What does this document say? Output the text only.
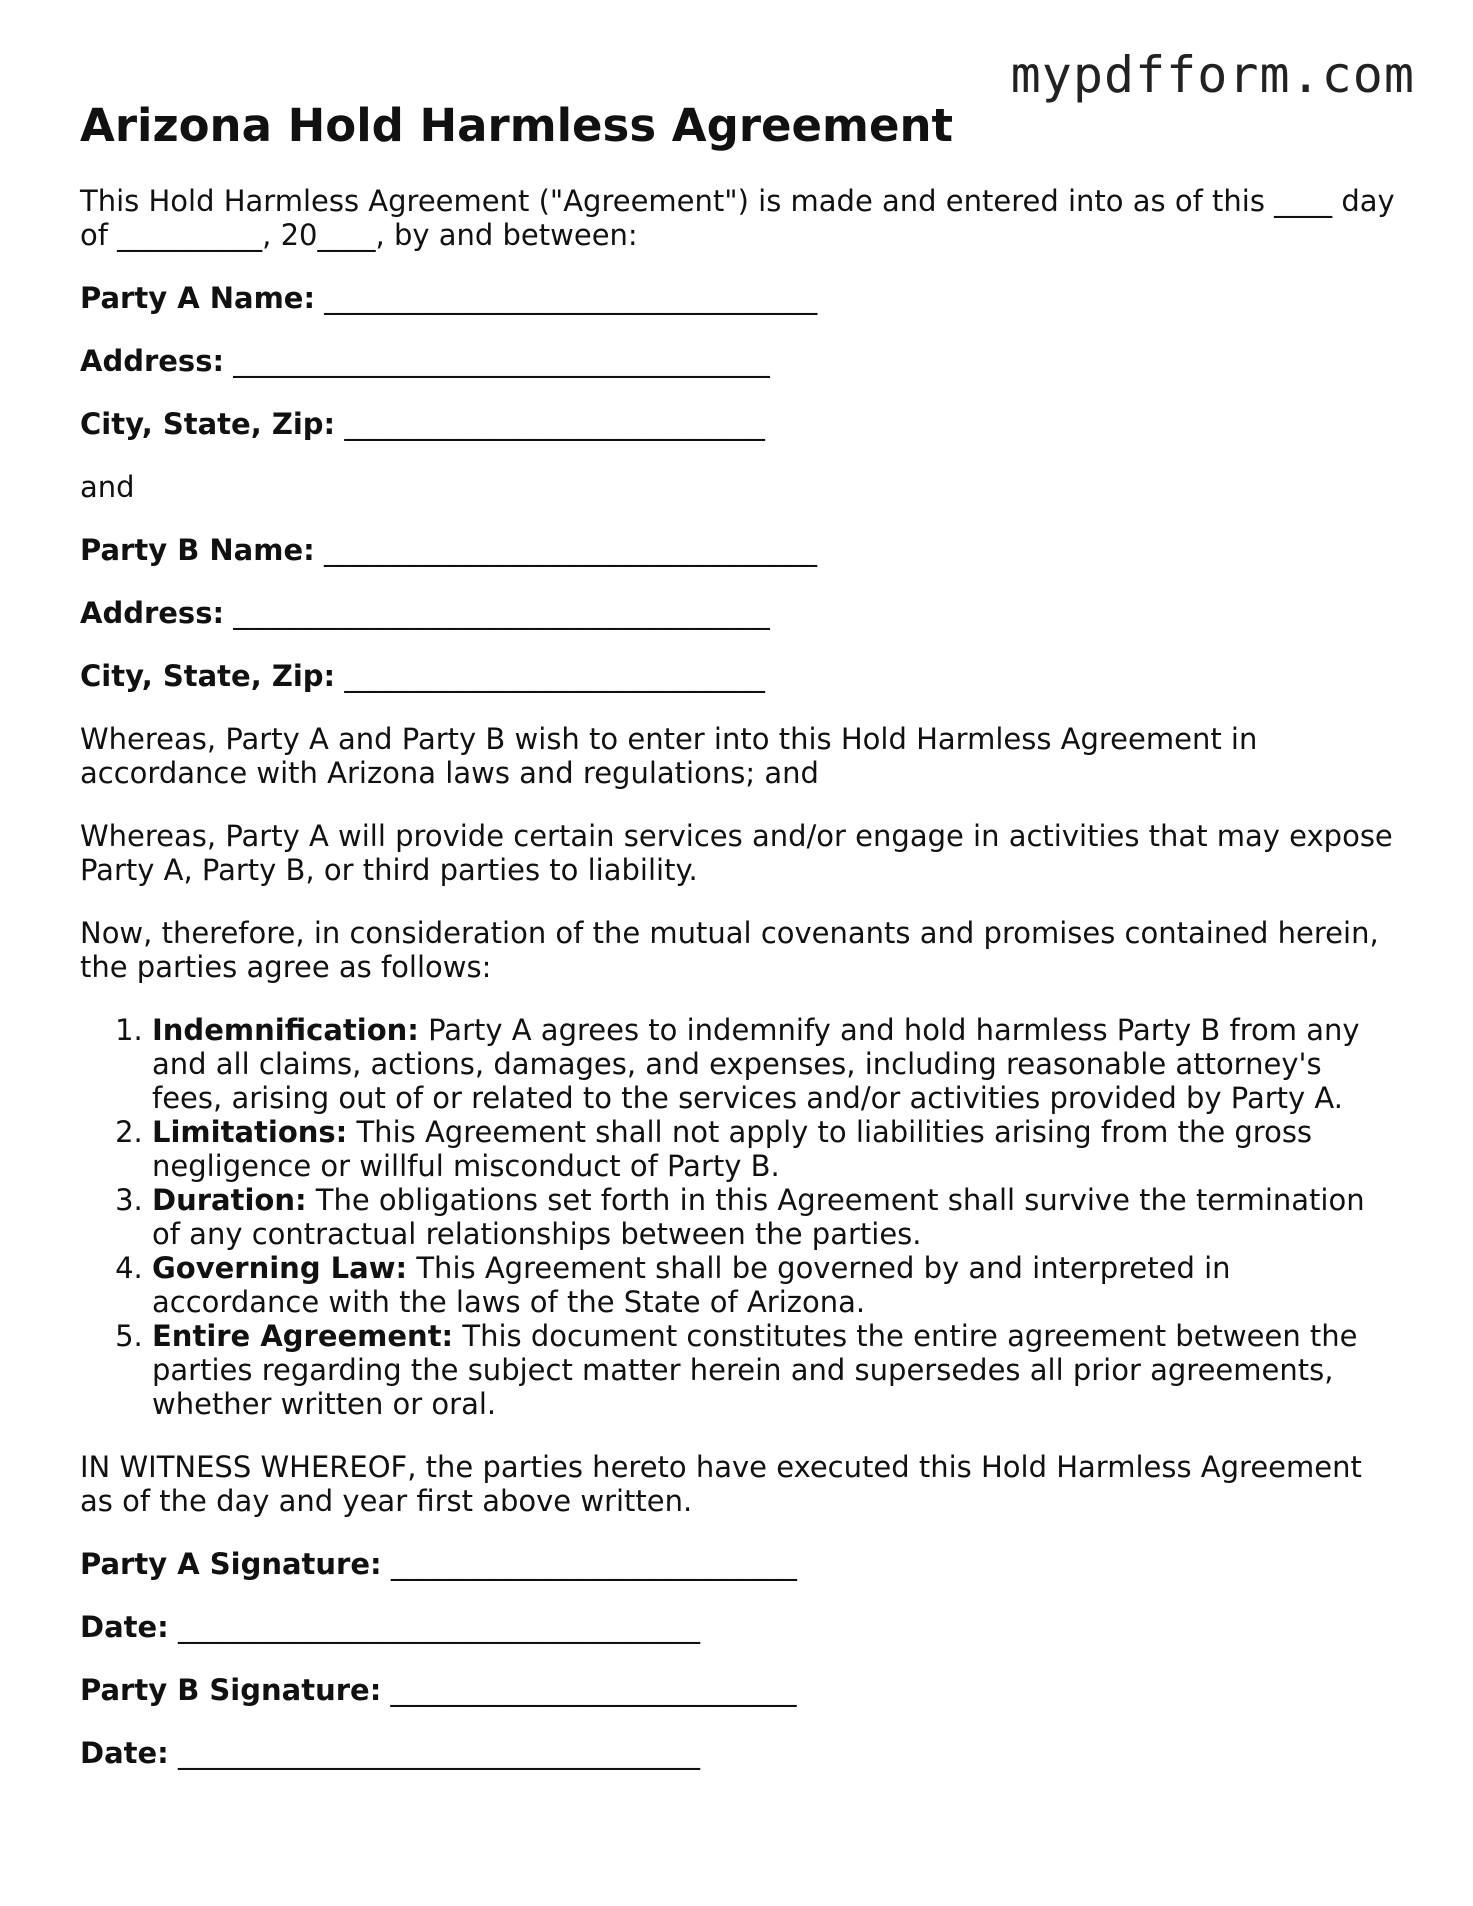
mypdfform.com
Arizona Hold Harmless Agreement

This Hold Harmless Agreement ("Agreement") is made and entered into as of this ____ day of __________, 20____, by and between:

Party A Name: __________________________________
Address: _____________________________________
City, State, Zip: _____________________________

and

Party B Name: __________________________________
Address: _____________________________________
City, State, Zip: _____________________________

Whereas, Party A and Party B wish to enter into this Hold Harmless Agreement in accordance with Arizona laws and regulations; and

Whereas, Party A will provide certain services and/or engage in activities that may expose Party A, Party B, or third parties to liability.

Now, therefore, in consideration of the mutual covenants and promises contained herein, the parties agree as follows:

1. Indemnification: Party A agrees to indemnify and hold harmless Party B from any and all claims, actions, damages, and expenses, including reasonable attorney's fees, arising out of or related to the services and/or activities provided by Party A.
2. Limitations: This Agreement shall not apply to liabilities arising from the gross negligence or willful misconduct of Party B.
3. Duration: The obligations set forth in this Agreement shall survive the termination of any contractual relationships between the parties.
4. Governing Law: This Agreement shall be governed by and interpreted in accordance with the laws of the State of Arizona.
5. Entire Agreement: This document constitutes the entire agreement between the parties regarding the subject matter herein and supersedes all prior agreements, whether written or oral.

IN WITNESS WHEREOF, the parties hereto have executed this Hold Harmless Agreement as of the day and year first above written.

Party A Signature: ____________________________
Date: ____________________________________
Party B Signature: ____________________________
Date: ____________________________________
